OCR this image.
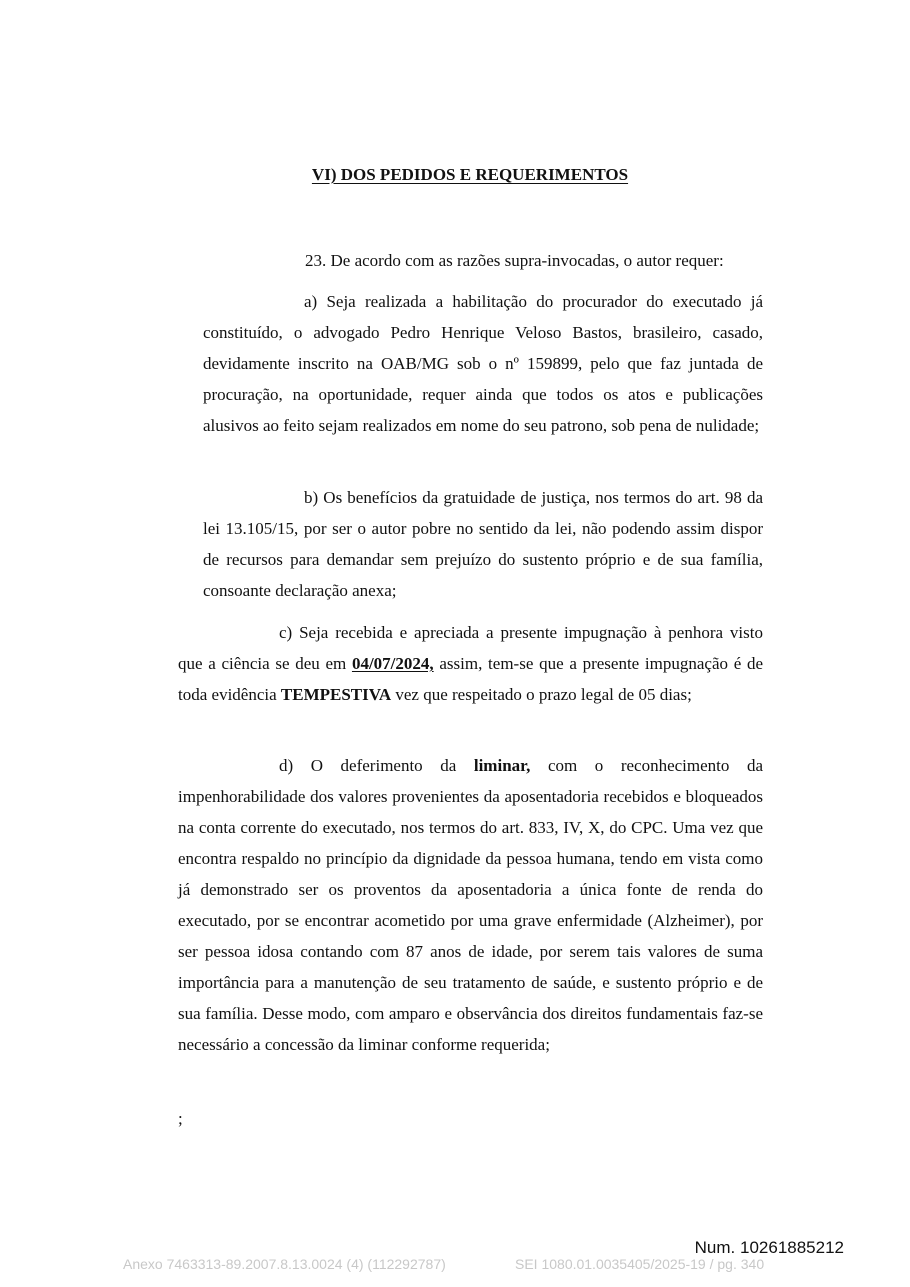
VI) DOS PEDIDOS E REQUERIMENTOS

23. De acordo com as razões supra-invocadas, o autor requer:

a) Seja realizada a habilitação do procurador do executado já constituído, o advogado Pedro Henrique Veloso Bastos, brasileiro, casado, devidamente inscrito na OAB/MG sob o nº 159899, pelo que faz juntada de procuração, na oportunidade, requer ainda que todos os atos e publicações alusivos ao feito sejam realizados em nome do seu patrono, sob pena de nulidade;

b) Os benefícios da gratuidade de justiça, nos termos do art. 98 da lei 13.105/15, por ser o autor pobre no sentido da lei, não podendo assim dispor de recursos para demandar sem prejuízo do sustento próprio e de sua família, consoante declaração anexa;

c) Seja recebida e apreciada a presente impugnação à penhora visto que a ciência se deu em 04/07/2024, assim, tem-se que a presente impugnação é de toda evidência TEMPESTIVA vez que respeitado o prazo legal de 05 dias;

d) O deferimento da liminar, com o reconhecimento da impenhorabilidade dos valores provenientes da aposentadoria recebidos e bloqueados na conta corrente do executado, nos termos do art. 833, IV, X, do CPC. Uma vez que encontra respaldo no princípio da dignidade da pessoa humana, tendo em vista como já demonstrado ser os proventos da aposentadoria a única fonte de renda do executado, por se encontrar acometido por uma grave enfermidade (Alzheimer), por ser pessoa idosa contando com 87 anos de idade, por serem tais valores de suma importância para a manutenção de seu tratamento de saúde, e sustento próprio e de sua família. Desse modo, com amparo e observância dos direitos fundamentais faz-se necessário a concessão da liminar conforme requerida;

;
Num. 10261885212
Anexo 7463313-89.2007.8.13.0024 (4) (112292787)	SEI 1080.01.0035405/2025-19 / pg. 340
